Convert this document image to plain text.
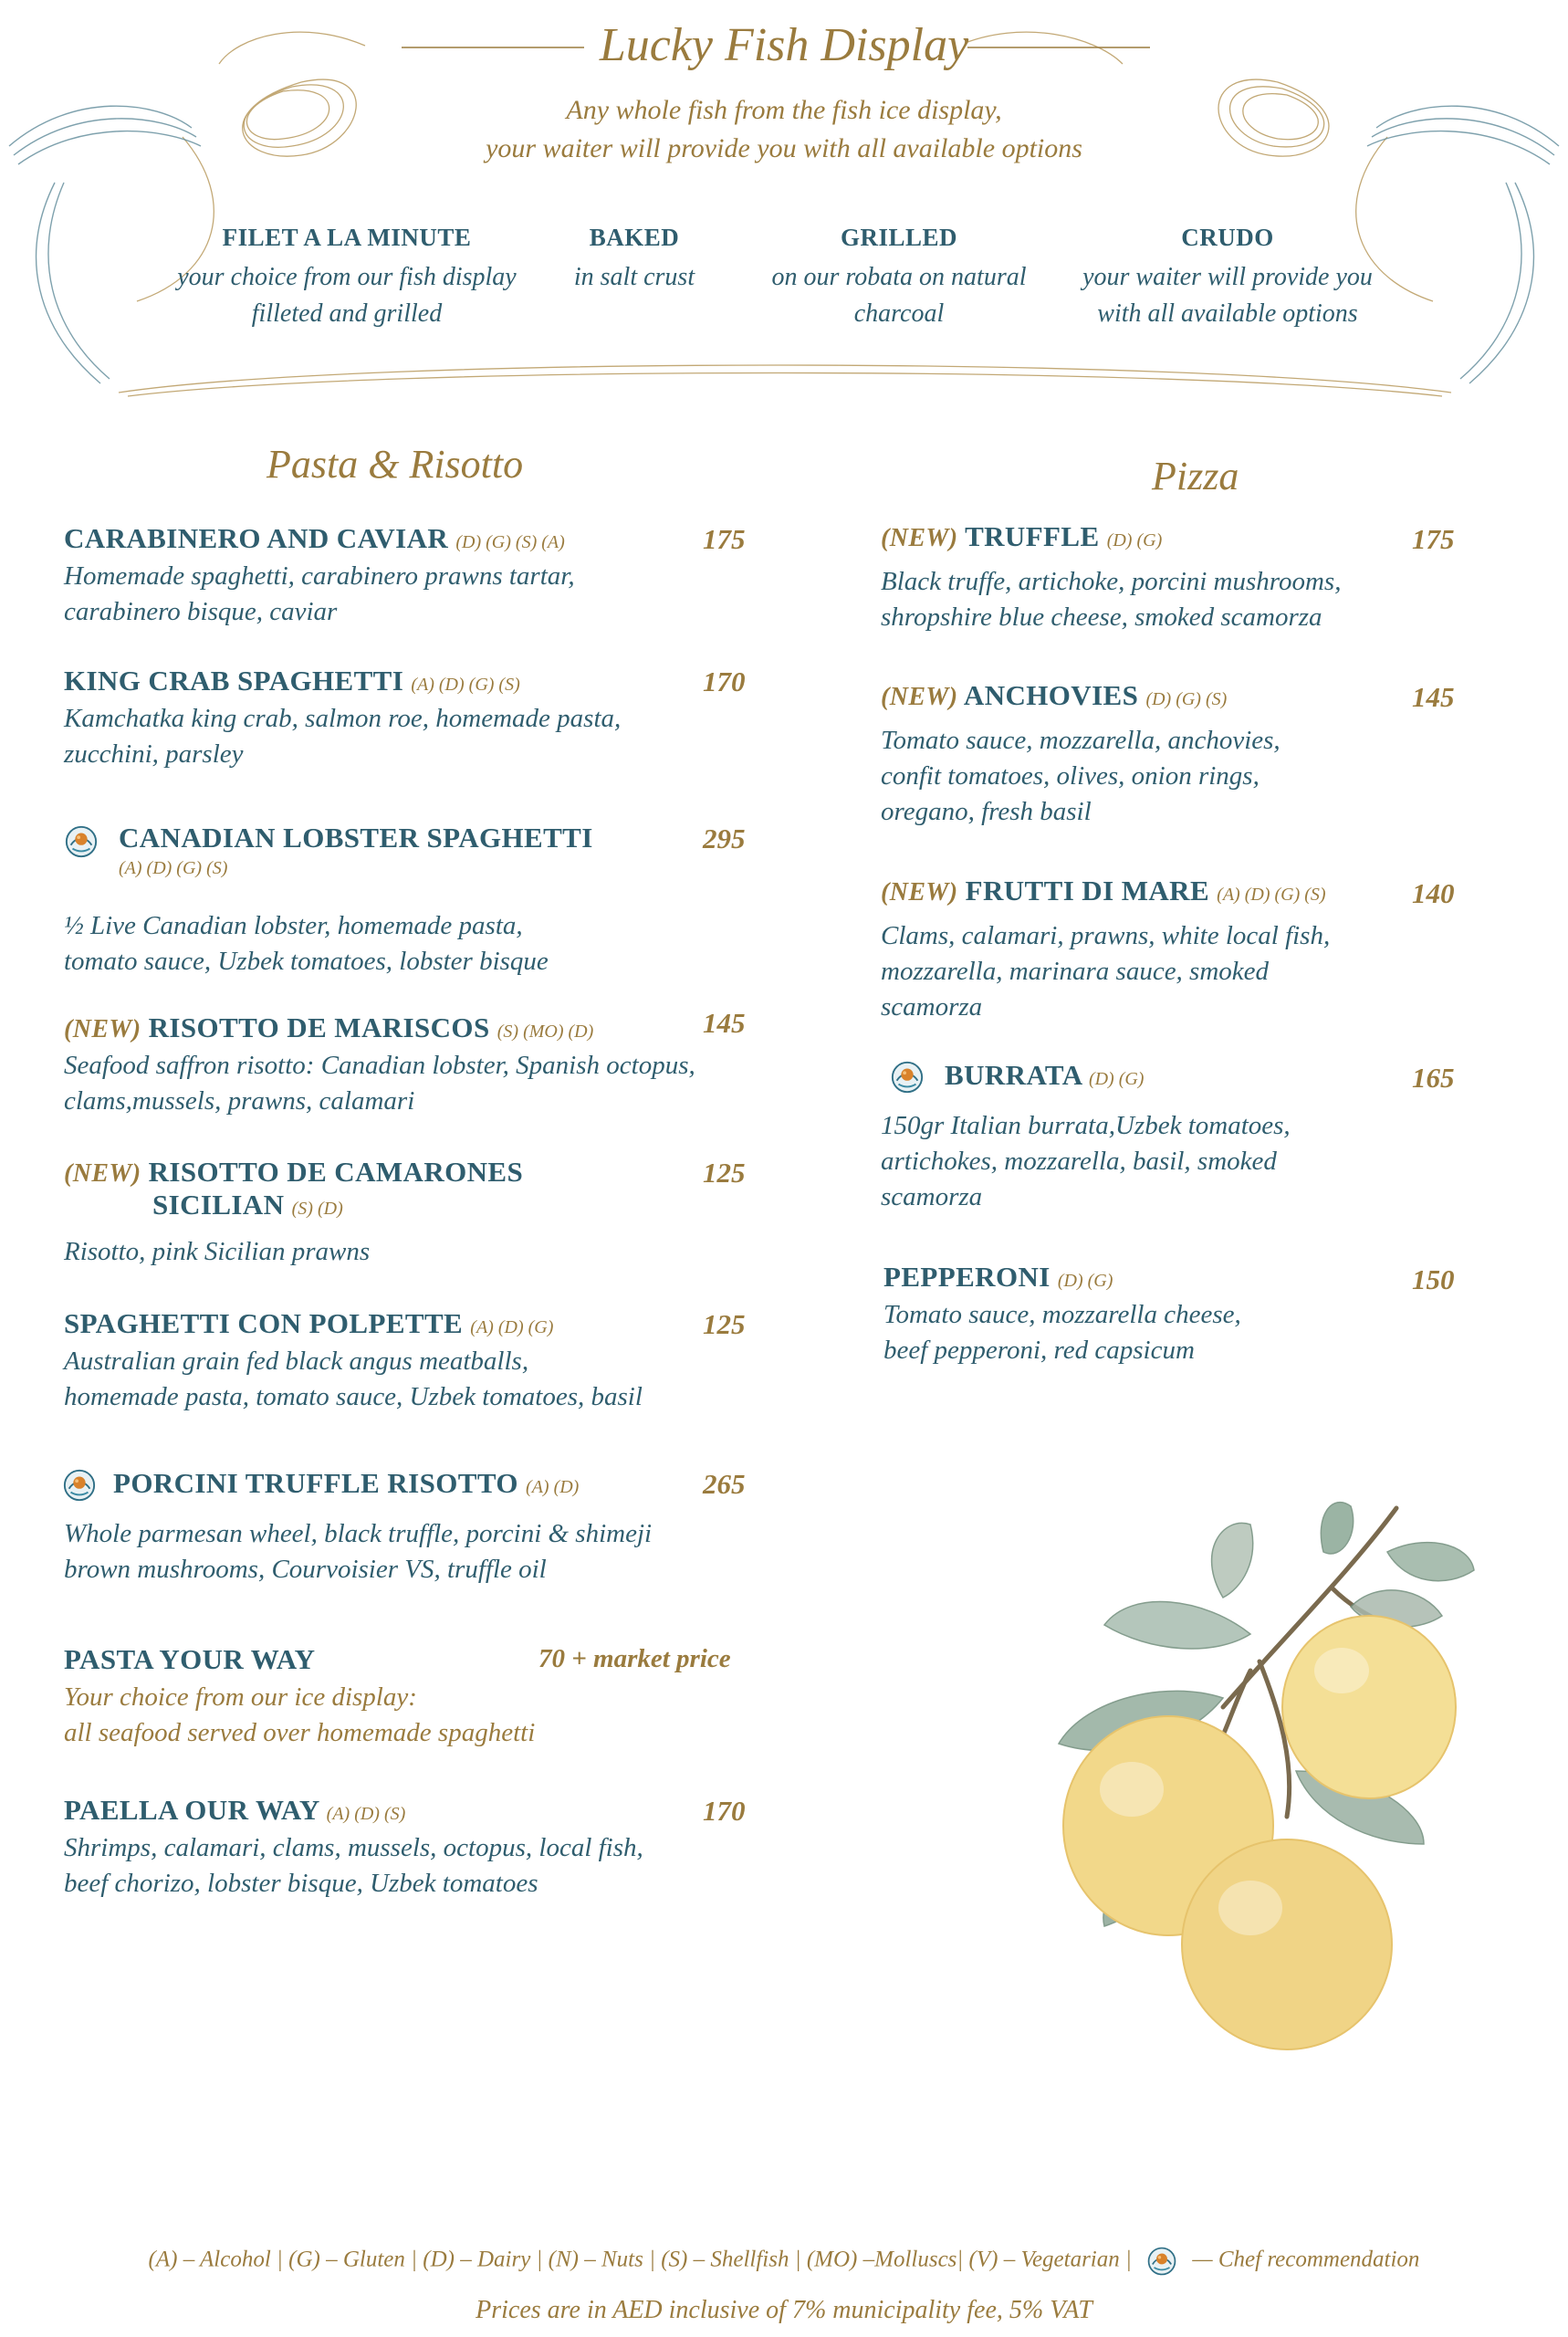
Lucky Fish Display
Any whole fish from the fish ice display,
your waiter will provide you with all available options
FILET A LA MINUTE
your choice from our fish display
filleted and grilled
BAKED
in salt crust
GRILLED
on our robata on natural
charcoal
CRUDO
your waiter will provide you
with all available options
Pasta & Risotto	Pizza
CARABINERO AND CAVIAR (D) (G) (S) (A)
Homemade spaghetti, carabinero prawns tartar,
carabinero bisque, caviar
175
KING CRAB SPAGHETTI (A) (D) (G) (S)
Kamchatka king crab, salmon roe, homemade pasta,
zucchini, parsley
170
CANADIAN LOBSTER SPAGHETTI
(A) (D) (G) (S)
295
½ Live Canadian lobster, homemade pasta,
tomato sauce, Uzbek tomatoes, lobster bisque
(NEW) RISOTTO DE MARISCOS (S) (MO) (D)
Seafood saffron risotto: Canadian lobster, Spanish octopus,
clams,mussels, prawns, calamari
145
(NEW) RISOTTO DE CAMARONES
SICILIAN (S) (D)
Risotto, pink Sicilian prawns
125
SPAGHETTI CON POLPETTE (A) (D) (G)
Australian grain fed black angus meatballs,
homemade pasta, tomato sauce, Uzbek tomatoes, basil
125
PORCINI TRUFFLE RISOTTO (A) (D)	265
Whole parmesan wheel, black truffle, porcini & shimeji
brown mushrooms, Courvoisier VS, truffle oil
PASTA YOUR WAY
Your choice from our ice display:
all seafood served over homemade spaghetti
70 + market price
PAELLA OUR WAY (A) (D) (S)
Shrimps, calamari, clams, mussels, octopus, local fish,
beef chorizo, lobster bisque, Uzbek tomatoes
170
(NEW) TRUFFLE (D) (G)
Black truffe, artichoke, porcini mushrooms,
shropshire blue cheese, smoked scamorza
175
(NEW) ANCHOVIES (D) (G) (S)
Tomato sauce, mozzarella, anchovies,
confit tomatoes, olives, onion rings,
oregano, fresh basil
145
(NEW) FRUTTI DI MARE (A) (D) (G) (S)
Clams, calamari, prawns, white local fish,
mozzarella, marinara sauce, smoked
scamorza
140
BURRATA (D) (G)
150gr Italian burrata,Uzbek tomatoes,
artichokes, mozzarella, basil, smoked
scamorza
165
PEPPERONI (D) (G)
Tomato sauce, mozzarella cheese,
beef pepperoni, red capsicum
150
(A) – Alcohol | (G) – Gluten | (D) – Dairy | (N) – Nuts | (S) – Shellfish | (MO) –Molluscs| (V) – Vegetarian |	— Chef recommendation
Prices are in AED inclusive of 7% municipality fee, 5% VAT
